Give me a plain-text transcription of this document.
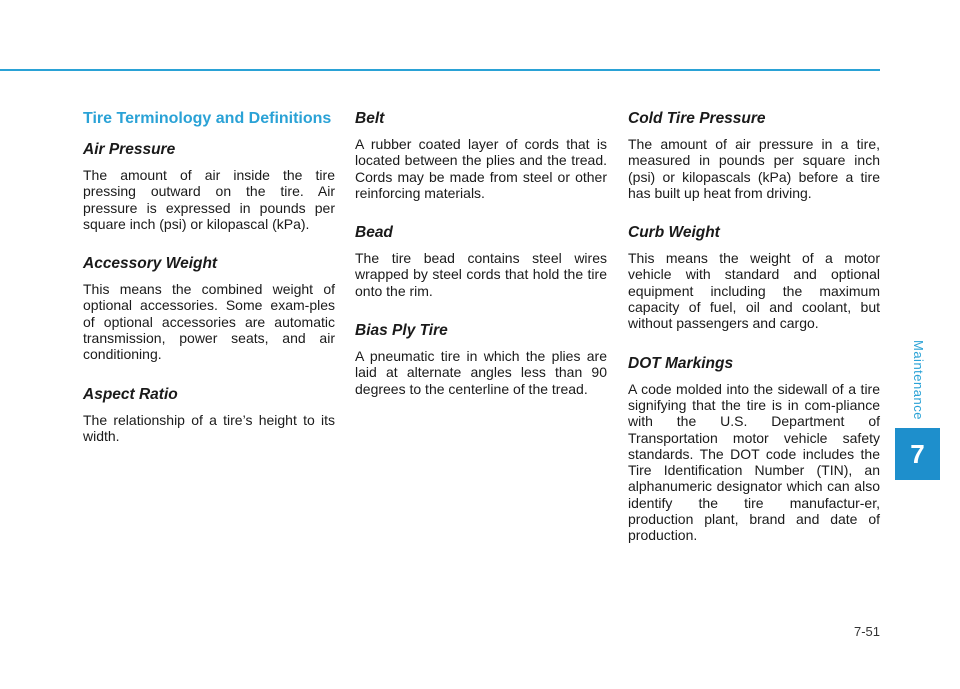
Maintenance
7
Tire Terminology and Definitions
Air Pressure

The amount of air inside the tire pressing outward on the tire. Air pressure is expressed in pounds per square inch (psi) or kilopascal (kPa).

Accessory Weight

This means the combined weight of optional accessories. Some exam-ples of optional accessories are automatic transmission, power seats, and air conditioning.

Aspect Ratio

The relationship of a tire’s height to its width.

Belt

A rubber coated layer of cords that is located between the plies and the tread. Cords may be made from steel or other reinforcing materials.

Bead

The tire bead contains steel wires wrapped by steel cords that hold the tire onto the rim.

Bias Ply Tire

A pneumatic tire in which the plies are laid at alternate angles less than 90 degrees to the centerline of the tread.

Cold Tire Pressure

The amount of air pressure in a tire, measured in pounds per square inch (psi) or kilopascals (kPa) before a tire has built up heat from driving.

Curb Weight

This means the weight of a motor vehicle with standard and optional equipment including the maximum capacity of fuel, oil and coolant, but without passengers and cargo.

DOT Markings

A code molded into the sidewall of a tire signifying that the tire is in com-pliance with the U.S. Department of Transportation motor vehicle safety standards. The DOT code includes the Tire Identification Number (TIN), an alphanumeric designator which can also identify the tire manufactur-er, production plant, brand and date of production.

7-51
